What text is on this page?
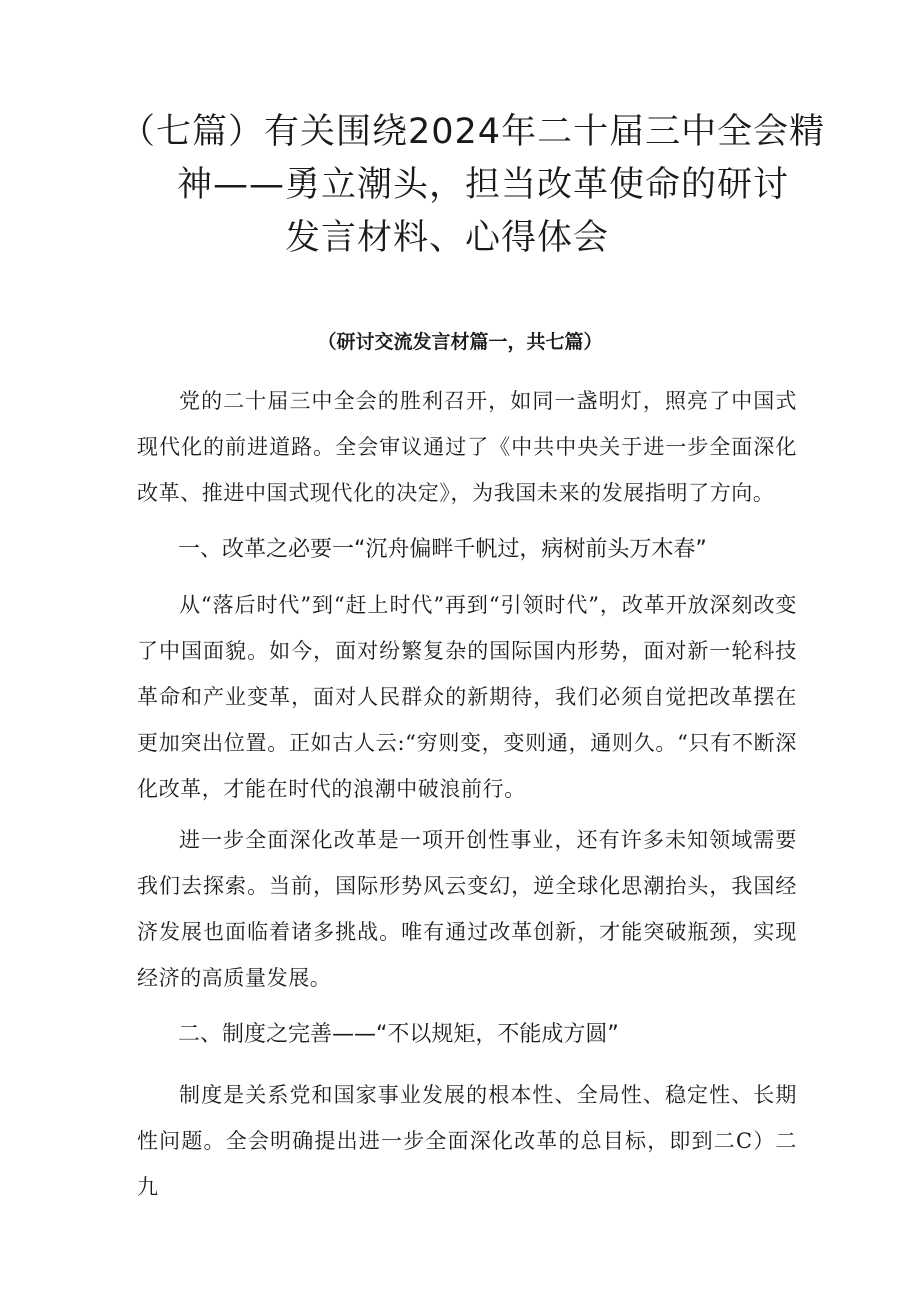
（七篇）有关围绕2024年二十届三中全会精
神——勇立潮头，担当改革使命的研讨
发言材料、心得体会
（研讨交流发言材篇一，共七篇）

党的二十届三中全会的胜利召开，如同一盏明灯，照亮了中国式现代化的前进道路。全会审议通过了《中共中央关于进一步全面深化改革、推进中国式现代化的决定》，为我国未来的发展指明了方向。

一、改革之必要一“沉舟偏畔千帆过，病树前头万木春”

从“落后时代”到“赶上时代”再到“引领时代”，改革开放深刻改变了中国面貌。如今，面对纷繁复杂的国际国内形势，面对新一轮科技革命和产业变革，面对人民群众的新期待，我们必须自觉把改革摆在更加突出位置。正如古人云:“穷则变，变则通，通则久。“只有不断深化改革，才能在时代的浪潮中破浪前行。

进一步全面深化改革是一项开创性事业，还有许多未知领域需要我们去探索。当前，国际形势风云变幻，逆全球化思潮抬头，我国经济发展也面临着诸多挑战。唯有通过改革创新，才能突破瓶颈，实现经济的高质量发展。

二、制度之完善——“不以规矩，不能成方圆”

制度是关系党和国家事业发展的根本性、全局性、稳定性、长期性问题。全会明确提出进一步全面深化改革的总目标，即到二C）二九
